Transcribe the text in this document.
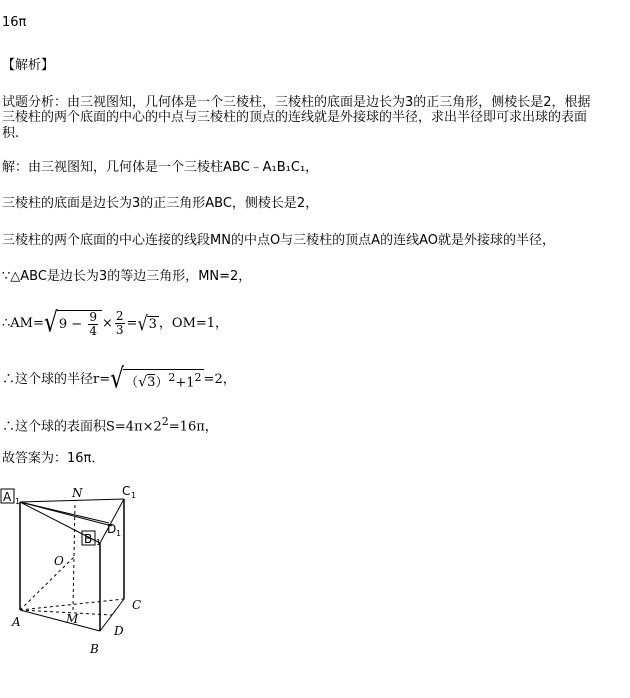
16π
【解析】
试题分析：由三视图知，几何体是一个三棱柱，三棱柱的底面是边长为3的正三角形，侧棱长是2，根据
三棱柱的两个底面的中心的中点与三棱柱的顶点的连线就是外接球的半径，求出半径即可求出球的表面
积.
解：由三视图知，几何体是一个三棱柱ABC﹣A₁B₁C₁，
三棱柱的底面是边长为3的正三角形ABC，侧棱长是2，
三棱柱的两个底面的中心连接的线段MN的中点O与三棱柱的顶点A的连线AO就是外接球的半径，
∵△ABC是边长为3的等边三角形，MN=2，
∴AM=√9 − $\frac{9}{4} \times \frac{2}{3} =√3$ ，OM=1，
∴这个球的半径$r=√(√3)^2+1^2 =2$，
∴这个球的表面积$S=4\pi\times 2^2=16\pi$，
故答案为：16π．
A 1
C 1
N
D 1
B 1
O
A	M
C
D
B
